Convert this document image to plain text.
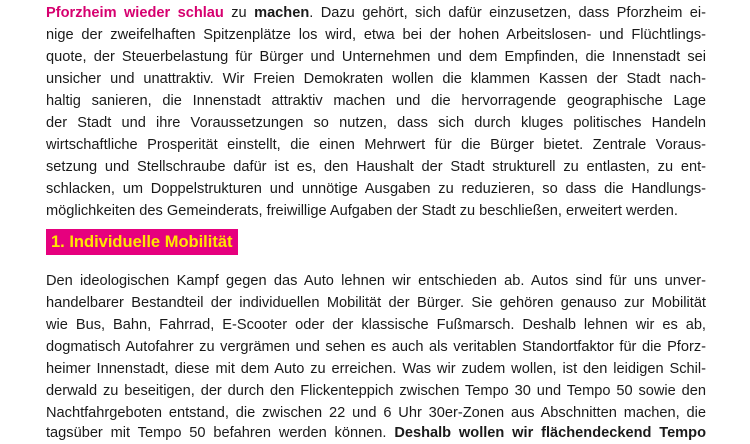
Pforzheim wieder schlau zu machen. Dazu gehört, sich dafür einzusetzen, dass Pforzheim ei-
nige der zweifelhaften Spitzenplätze los wird, etwa bei der hohen Arbeitslosen- und Flüchtlings-
quote, der Steuerbelastung für Bürger und Unternehmen und dem Empfinden, die Innenstadt sei
unsicher und unattraktiv. Wir Freien Demokraten wollen die klammen Kassen der Stadt nach-
haltig sanieren, die Innenstadt attraktiv machen und die hervorragende geographische Lage
der Stadt und ihre Voraussetzungen so nutzen, dass sich durch kluges politisches Handeln
wirtschaftliche Prosperität einstellt, die einen Mehrwert für die Bürger bietet. Zentrale Voraus-
setzung und Stellschraube dafür ist es, den Haushalt der Stadt strukturell zu entlasten, zu ent-
schlacken, um Doppelstrukturen und unnötige Ausgaben zu reduzieren, so dass die Handlungs-
möglichkeiten des Gemeinderats, freiwillige Aufgaben der Stadt zu beschließen, erweitert werden.
1. Individuelle Mobilität
Den ideologischen Kampf gegen das Auto lehnen wir entschieden ab. Autos sind für uns unver-
handelbarer Bestandteil der individuellen Mobilität der Bürger. Sie gehören genauso zur Mobilität
wie Bus, Bahn, Fahrrad, E-Scooter oder der klassische Fußmarsch. Deshalb lehnen wir es ab,
dogmatisch Autofahrer zu vergrämen und sehen es auch als veritablen Standortfaktor für die Pforz-
heimer Innenstadt, diese mit dem Auto zu erreichen. Was wir zudem wollen, ist den leidigen Schil-
derwald zu beseitigen, der durch den Flickenteppich zwischen Tempo 30 und Tempo 50 sowie den
Nachtfahrgeboten entstand, die zwischen 22 und 6 Uhr 30er-Zonen aus Abschnitten machen, die
tagsüber mit Tempo 50 befahren werden können. Deshalb wollen wir flächendeckend Tempo
